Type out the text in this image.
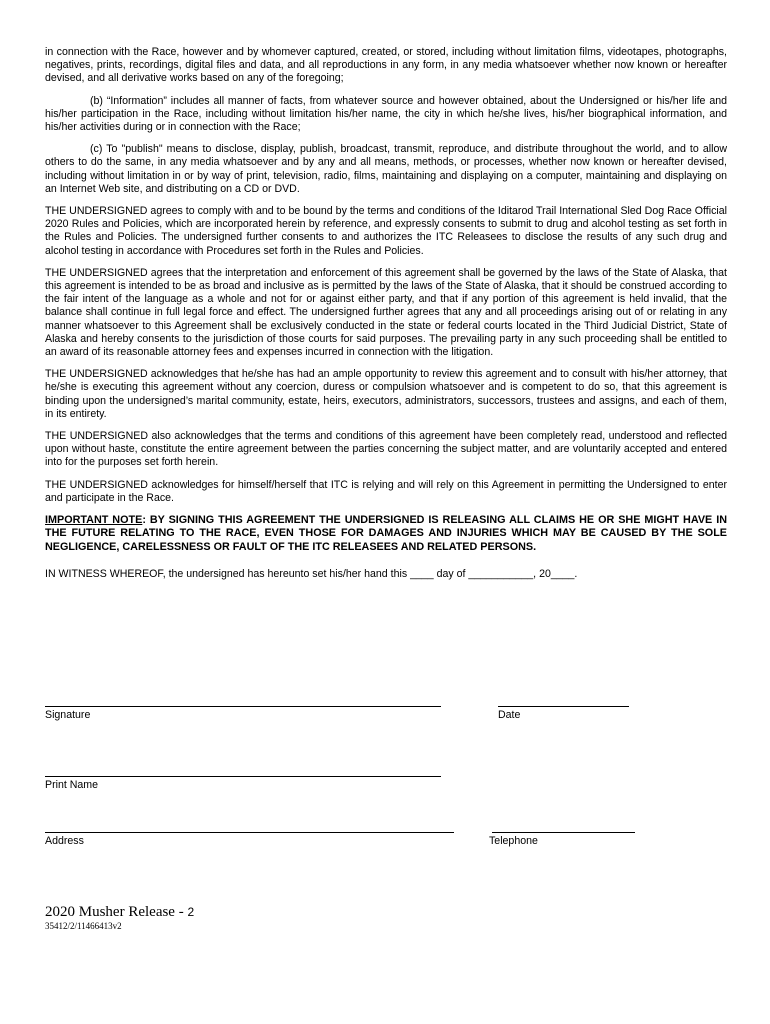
in connection with the Race, however and by whomever captured, created, or stored, including without limitation films, videotapes, photographs, negatives, prints, recordings, digital files and data, and all reproductions in any form, in any media whatsoever whether now known or hereafter devised, and all derivative works based on any of the foregoing;

(b) “Information” includes all manner of facts, from whatever source and however obtained, about the Undersigned or his/her life and his/her participation in the Race, including without limitation his/her name, the city in which he/she lives, his/her biographical information, and his/her activities during or in connection with the Race;

(c) To "publish" means to disclose, display, publish, broadcast, transmit, reproduce, and distribute throughout the world, and to allow others to do the same, in any media whatsoever and by any and all means, methods, or processes, whether now known or hereafter devised, including without limitation in or by way of print, television, radio, films, maintaining and displaying on a computer, maintaining and displaying on an Internet Web site, and distributing on a CD or DVD.

THE UNDERSIGNED agrees to comply with and to be bound by the terms and conditions of the Iditarod Trail International Sled Dog Race Official 2020 Rules and Policies, which are incorporated herein by reference, and expressly consents to submit to drug and alcohol testing as set forth in the Rules and Policies. The undersigned further consents to and authorizes the ITC Releasees to disclose the results of any such drug and alcohol testing in accordance with Procedures set forth in the Rules and Policies.

THE UNDERSIGNED agrees that the interpretation and enforcement of this agreement shall be governed by the laws of the State of Alaska, that this agreement is intended to be as broad and inclusive as is permitted by the laws of the State of Alaska, that it should be construed according to the fair intent of the language as a whole and not for or against either party, and that if any portion of this agreement is held invalid, that the balance shall continue in full legal force and effect. The undersigned further agrees that any and all proceedings arising out of or relating in any manner whatsoever to this Agreement shall be exclusively conducted in the state or federal courts located in the Third Judicial District, State of Alaska and hereby consents to the jurisdiction of those courts for said purposes. The prevailing party in any such proceeding shall be entitled to an award of its reasonable attorney fees and expenses incurred in connection with the litigation.

THE UNDERSIGNED acknowledges that he/she has had an ample opportunity to review this agreement and to consult with his/her attorney, that he/she is executing this agreement without any coercion, duress or compulsion whatsoever and is competent to do so, that this agreement is binding upon the undersigned’s marital community, estate, heirs, executors, administrators, successors, trustees and assigns, and each of them, in its entirety.

THE UNDERSIGNED also acknowledges that the terms and conditions of this agreement have been completely read, understood and reflected upon without haste, constitute the entire agreement between the parties concerning the subject matter, and are voluntarily accepted and entered into for the purposes set forth herein.

THE UNDERSIGNED acknowledges for himself/herself that ITC is relying and will rely on this Agreement in permitting the Undersigned to enter and participate in the Race.

IMPORTANT NOTE: BY SIGNING THIS AGREEMENT THE UNDERSIGNED IS RELEASING ALL CLAIMS HE OR SHE MIGHT HAVE IN THE FUTURE RELATING TO THE RACE, EVEN THOSE FOR DAMAGES AND INJURIES WHICH MAY BE CAUSED BY THE SOLE NEGLIGENCE, CARELESSNESS OR FAULT OF THE ITC RELEASEES AND RELATED PERSONS.

IN WITNESS WHEREOF, the undersigned has hereunto set his/her hand this ____ day of ___________, 20____.

Signature	Date
Print Name
Address	Telephone
2020 Musher Release - 2
35412/2/11466413v2
